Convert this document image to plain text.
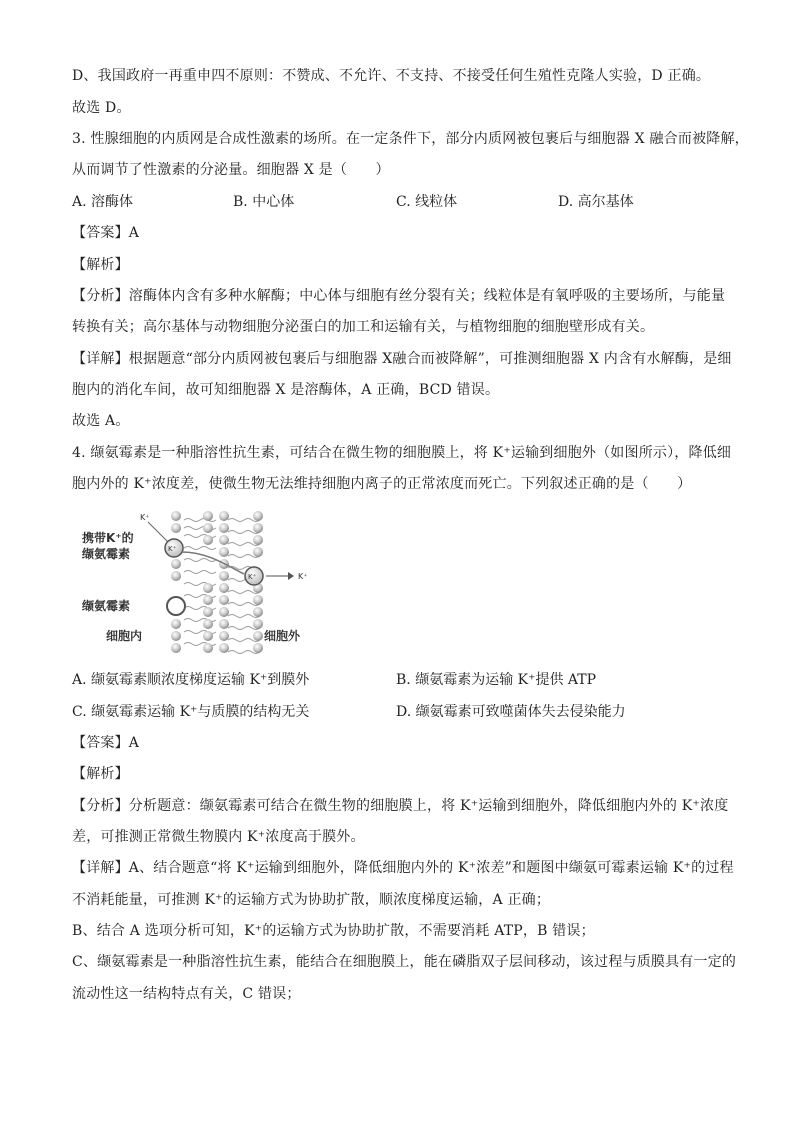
D、我国政府一再重申四不原则：不赞成、不允许、不支持、不接受任何生殖性克隆人实验，D 正确。
故选 D。
3. 性腺细胞的内质网是合成性激素的场所。在一定条件下，部分内质网被包裹后与细胞器 X 融合而被降解，
从而调节了性激素的分泌量。细胞器 X 是（　　）
A. 溶酶体	B. 中心体	C. 线粒体	D. 高尔基体
【答案】A
【解析】
【分析】溶酶体内含有多种水解酶；中心体与细胞有丝分裂有关；线粒体是有氧呼吸的主要场所，与能量
转换有关；高尔基体与动物细胞分泌蛋白的加工和运输有关，与植物细胞的细胞壁形成有关。
【详解】根据题意“部分内质网被包裹后与细胞器 X融合而被降解”，可推测细胞器 X 内含有水解酶，是细
胞内的消化车间，故可知细胞器 X 是溶酶体，A 正确，BCD 错误。
故选 A。
4. 缬氨霉素是一种脂溶性抗生素，可结合在微生物的细胞膜上，将 K⁺运输到细胞外（如图所示），降低细
胞内外的 K⁺浓度差，使微生物无法维持细胞内离子的正常浓度而死亡。下列叙述正确的是（　　）
携带K⁺的
缬氨霉素
缬氨霉素
细胞内	细胞外
K⁺
K⁺
K⁺	K⁺
A. 缬氨霉素顺浓度梯度运输 K⁺到膜外	B. 缬氨霉素为运输 K⁺提供 ATP
C. 缬氨霉素运输 K⁺与质膜的结构无关	D. 缬氨霉素可致噬菌体失去侵染能力
【答案】A
【解析】
【分析】分析题意：缬氨霉素可结合在微生物的细胞膜上，将 K⁺运输到细胞外，降低细胞内外的 K⁺浓度
差，可推测正常微生物膜内 K⁺浓度高于膜外。
【详解】A、结合题意“将 K⁺运输到细胞外，降低细胞内外的 K⁺浓差”和题图中缬氨可霉素运输 K⁺的过程
不消耗能量，可推测 K⁺的运输方式为协助扩散，顺浓度梯度运输，A 正确；
B、结合 A 选项分析可知，K⁺的运输方式为协助扩散，不需要消耗 ATP，B 错误；
C、缬氨霉素是一种脂溶性抗生素，能结合在细胞膜上，能在磷脂双子层间移动，该过程与质膜具有一定的
流动性这一结构特点有关，C 错误；
